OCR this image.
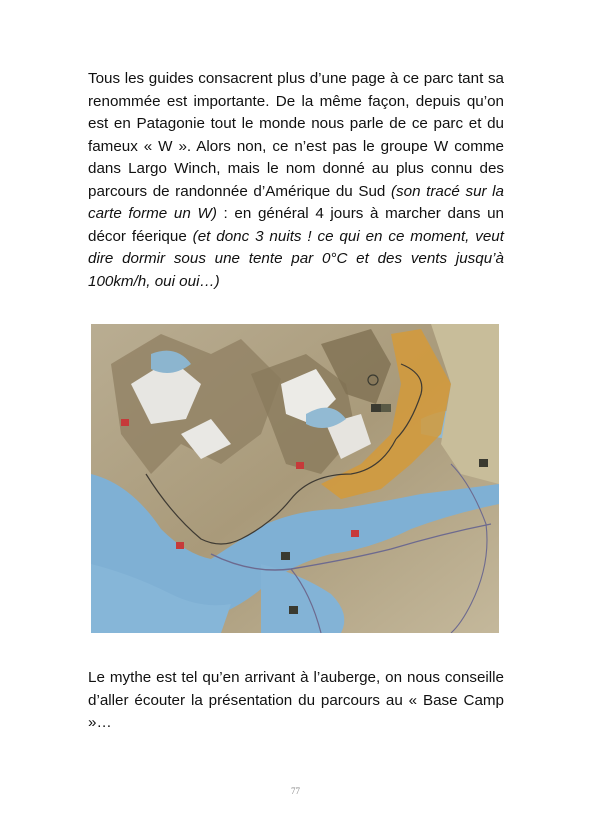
Tous les guides consacrent plus d’une page à ce parc tant sa renommée est importante. De la même façon, depuis qu’on est en Patagonie tout le monde nous parle de ce parc et du fameux « W ». Alors non, ce n’est pas le groupe W comme dans Largo Winch, mais le nom donné au plus connu des parcours de randonnée d’Amérique du Sud (son tracé sur la carte forme un W) : en général 4 jours à marcher dans un décor féerique (et donc 3 nuits ! ce qui en ce moment, veut dire dormir sous une tente par 0°C et des vents jusqu’à 100km/h, oui oui…)

Le mythe est tel qu’en arrivant à l’auberge, on nous conseille d’aller écouter la présentation du parcours au « Base Camp »…

77
